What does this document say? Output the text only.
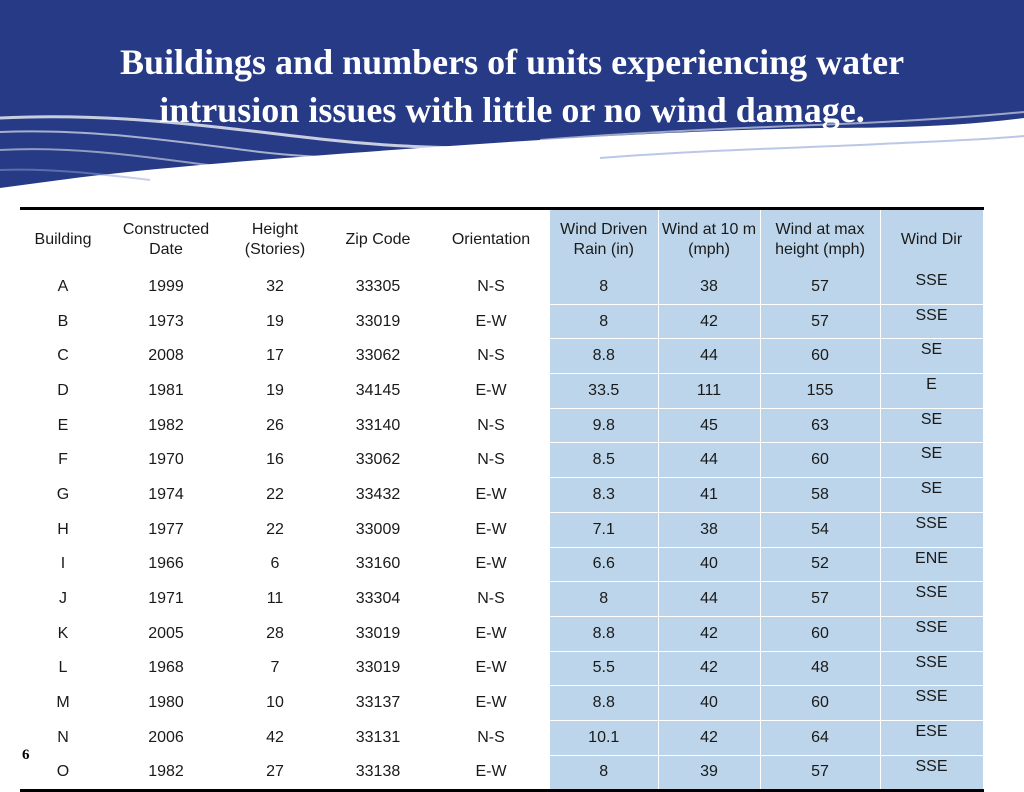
Buildings and numbers of units experiencing water
intrusion issues with little or no wind damage.
Building	Constructed Date	Height (Stories)	Zip Code	Orientation	Wind Driven Rain (in)	Wind at 10 m (mph)	Wind at max height (mph)	Wind Dir
A	1999	32	33305	N-S	8	38	57	SSE
B	1973	19	33019	E-W	8	42	57	SSE
C	2008	17	33062	N-S	8.8	44	60	SE
D	1981	19	34145	E-W	33.5	111	155	E
E	1982	26	33140	N-S	9.8	45	63	SE
F	1970	16	33062	N-S	8.5	44	60	SE
G	1974	22	33432	E-W	8.3	41	58	SE
H	1977	22	33009	E-W	7.1	38	54	SSE
I	1966	6	33160	E-W	6.6	40	52	ENE
J	1971	11	33304	N-S	8	44	57	SSE
K	2005	28	33019	E-W	8.8	42	60	SSE
L	1968	7	33019	E-W	5.5	42	48	SSE
M	1980	10	33137	E-W	8.8	40	60	SSE
N	2006	42	33131	N-S	10.1	42	64	ESE
O	1982	27	33138	E-W	8	39	57	SSE
6
